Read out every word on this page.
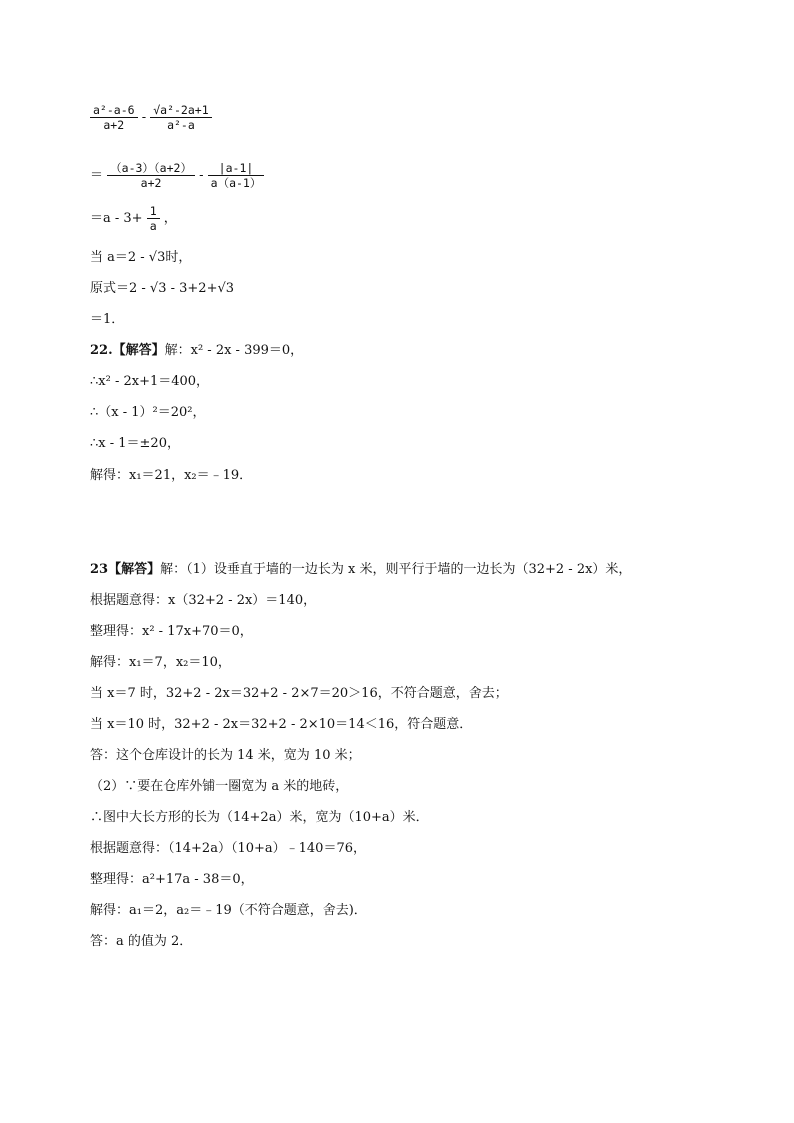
$\frac{\text{a²-a-6}}{a+2} - \frac{\text{√a²-2a+1}}{\text{a²-a}}$
＝ $\frac{(a-3)(a+2)}{a+2} - \frac{|a-1|}{a(a-1)}$
$=a - 3+ \frac{1}{a}$ ，
当 a＝2 - √3时，
原式＝2 - √3 - 3+2+√3
＝1．
22.【解答】解：x² - 2x - 399＝0，
∴x² - 2x+1＝400，
∴（x - 1）²＝20²，
∴x - 1＝±20，
解得：x₁＝21，x₂＝﹣19．
23【解答】解：（1）设垂直于墙的一边长为 x 米，则平行于墙的一边长为（32+2 - 2x）米，
根据题意得：x（32+2 - 2x）＝140，
整理得：x² - 17x+70＝0，
解得：x₁＝7，x₂＝10，
当 x＝7 时，32+2 - 2x＝32+2 - 2×7＝20＞16，不符合题意，舍去；
当 x＝10 时，32+2 - 2x＝32+2 - 2×10＝14＜16，符合题意．
答：这个仓库设计的长为 14 米，宽为 10 米；
（2）∵要在仓库外铺一圈宽为 a 米的地砖，
∴图中大长方形的长为（14+2a）米，宽为（10+a）米．
根据题意得：（14+2a）（10+a）﹣140＝76，
整理得：a²+17a - 38＝0，
解得：a₁＝2，a₂＝﹣19（不符合题意，舍去)．
答：a 的值为 2．
